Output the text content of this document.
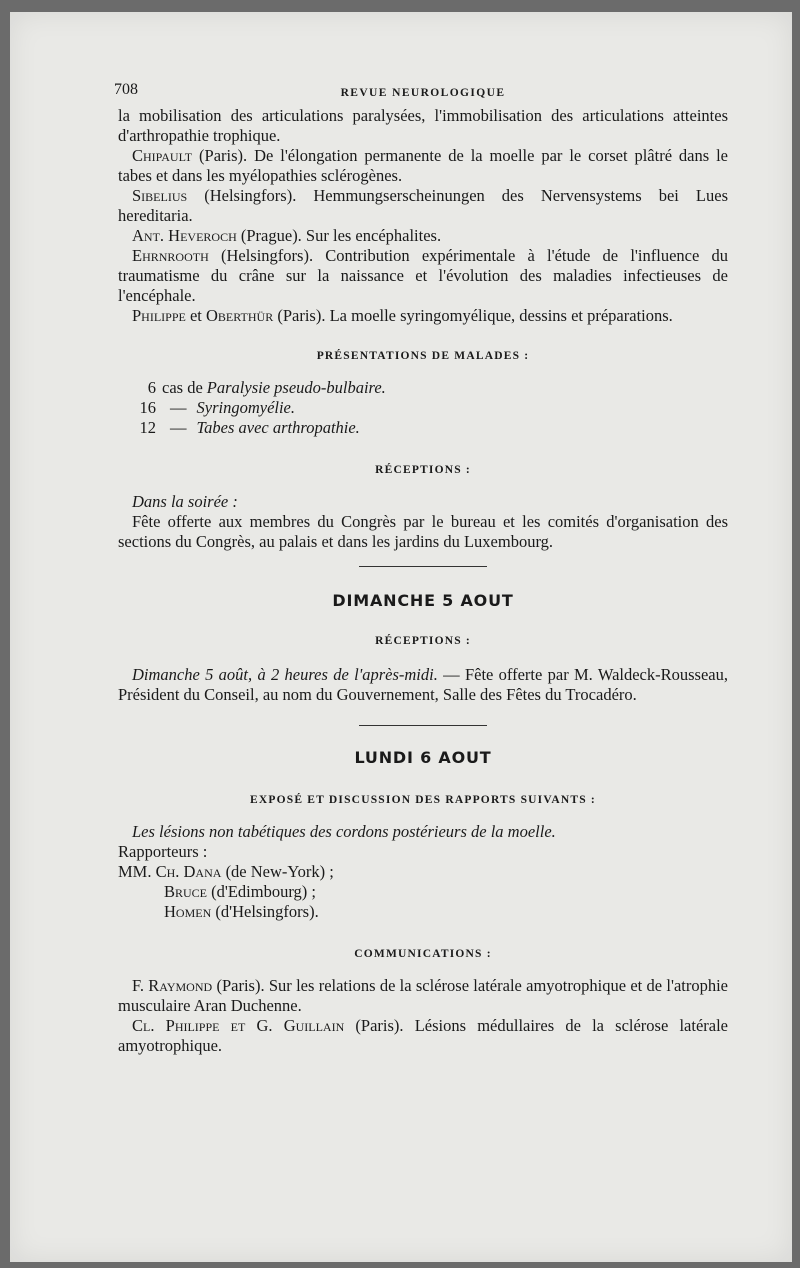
708	REVUE NEUROLOGIQUE

la mobilisation des articulations paralysées, l'immobilisation des articulations atteintes d'arthropathie trophique.

Chipault (Paris). De l'élongation permanente de la moelle par le corset plâtré dans le tabes et dans les myélopathies sclérogènes.

Sibelius (Helsingfors). Hemmungserscheinungen des Nervensystems bei Lues hereditaria.

Ant. Heveroch (Prague). Sur les encéphalites.

Ehrnrooth (Helsingfors). Contribution expérimentale à l'étude de l'influence du traumatisme du crâne sur la naissance et l'évolution des maladies infectieuses de l'encéphale.

Philippe et Oberthür (Paris). La moelle syringomyélique, dessins et préparations.

PRÉSENTATIONS DE MALADES :
6 cas de Paralysie pseudo-bulbaire.
16 — Syringomyélie.
12 — Tabes avec arthropathie.
RÉCEPTIONS :

Dans la soirée :

Fête offerte aux membres du Congrès par le bureau et les comités d'organisation des sections du Congrès, au palais et dans les jardins du Luxembourg.

DIMANCHE 5 AOUT
RÉCEPTIONS :

Dimanche 5 août, à 2 heures de l'après-midi. — Fête offerte par M. Waldeck-Rousseau, Président du Conseil, au nom du Gouvernement, Salle des Fêtes du Trocadéro.

LUNDI 6 AOUT
EXPOSÉ ET DISCUSSION DES RAPPORTS SUIVANTS :

Les lésions non tabétiques des cordons postérieurs de la moelle.

Rapporteurs :

MM. Ch. Dana (de New-York) ;

Bruce (d'Edimbourg) ;

Homen (d'Helsingfors).

COMMUNICATIONS :

F. Raymond (Paris). Sur les relations de la sclérose latérale amyotrophique et de l'atrophie musculaire Aran Duchenne.

Cl. Philippe et G. Guillain (Paris). Lésions médullaires de la sclérose latérale amyotrophique.
